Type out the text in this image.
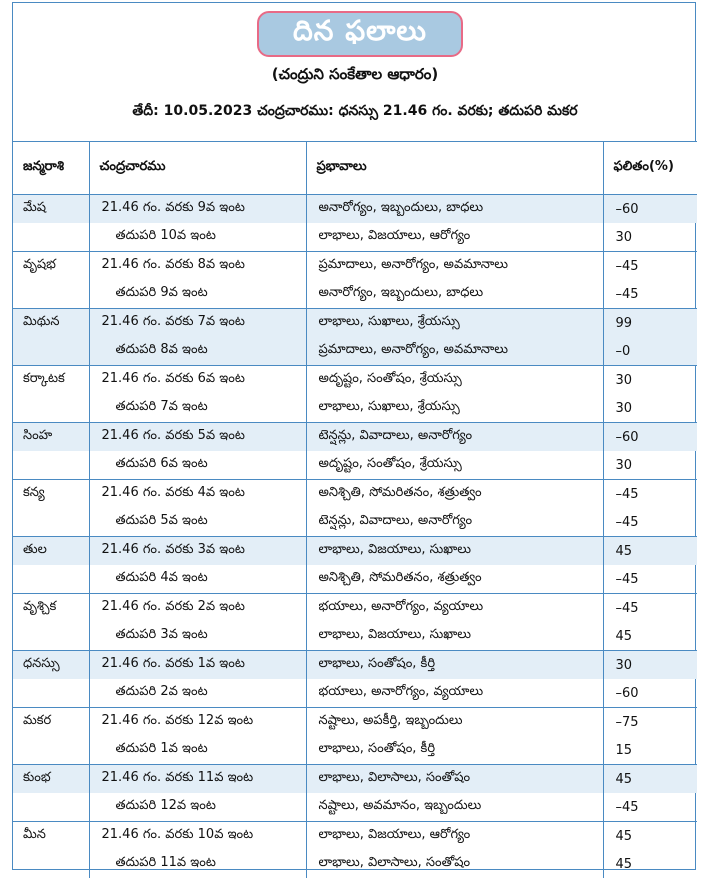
దిన ఫలాలు
(చంద్రుని సంకేతాల ఆధారం)
తేదీ: 10.05.2023 చంద్రచారము: ధనస్సు 21.46 గం. వరకు; తదుపరి మకర
జన్మరాశి	చంద్రచారము	ప్రభావాలు	ఫలితం(%)
మేష	21.46 గం. వరకు 9వ ఇంట	అనారోగ్యం, ఇబ్బందులు, బాధలు	–60
	తదుపరి 10వ ఇంట	లాభాలు, విజయాలు, ఆరోగ్యం	30
వృషభ	21.46 గం. వరకు 8వ ఇంట	ప్రమాదాలు, అనారోగ్యం, అవమానాలు	–45
	తదుపరి 9వ ఇంట	అనారోగ్యం, ఇబ్బందులు, బాధలు	–45
మిథున	21.46 గం. వరకు 7వ ఇంట	లాభాలు, సుఖాలు, శ్రేయస్సు	99
	తదుపరి 8వ ఇంట	ప్రమాదాలు, అనారోగ్యం, అవమానాలు	–0
కర్కాటక	21.46 గం. వరకు 6వ ఇంట	అదృష్టం, సంతోషం, శ్రేయస్సు	30
	తదుపరి 7వ ఇంట	లాభాలు, సుఖాలు, శ్రేయస్సు	30
సింహ	21.46 గం. వరకు 5వ ఇంట	టెన్షన్లు, వివాదాలు, అనారోగ్యం	–60
	తదుపరి 6వ ఇంట	అదృష్టం, సంతోషం, శ్రేయస్సు	30
కన్య	21.46 గం. వరకు 4వ ఇంట	అనిశ్చితి, సోమరితనం, శత్రుత్వం	–45
	తదుపరి 5వ ఇంట	టెన్షన్లు, వివాదాలు, అనారోగ్యం	–45
తుల	21.46 గం. వరకు 3వ ఇంట	లాభాలు, విజయాలు, సుఖాలు	45
	తదుపరి 4వ ఇంట	అనిశ్చితి, సోమరితనం, శత్రుత్వం	–45
వృశ్చిక	21.46 గం. వరకు 2వ ఇంట	భయాలు, అనారోగ్యం, వ్యయాలు	–45
	తదుపరి 3వ ఇంట	లాభాలు, విజయాలు, సుఖాలు	45
ధనస్సు	21.46 గం. వరకు 1వ ఇంట	లాభాలు, సంతోషం, కీర్తి	30
	తదుపరి 2వ ఇంట	భయాలు, అనారోగ్యం, వ్యయాలు	–60
మకర	21.46 గం. వరకు 12వ ఇంట	నష్టాలు, అపకీర్తి, ఇబ్బందులు	–75
	తదుపరి 1వ ఇంట	లాభాలు, సంతోషం, కీర్తి	15
కుంభ	21.46 గం. వరకు 11వ ఇంట	లాభాలు, విలాసాలు, సంతోషం	45
	తదుపరి 12వ ఇంట	నష్టాలు, అవమానం, ఇబ్బందులు	–45
మీన	21.46 గం. వరకు 10వ ఇంట	లాభాలు, విజయాలు, ఆరోగ్యం	45
	తదుపరి 11వ ఇంట	లాభాలు, విలాసాలు, సంతోషం	45
